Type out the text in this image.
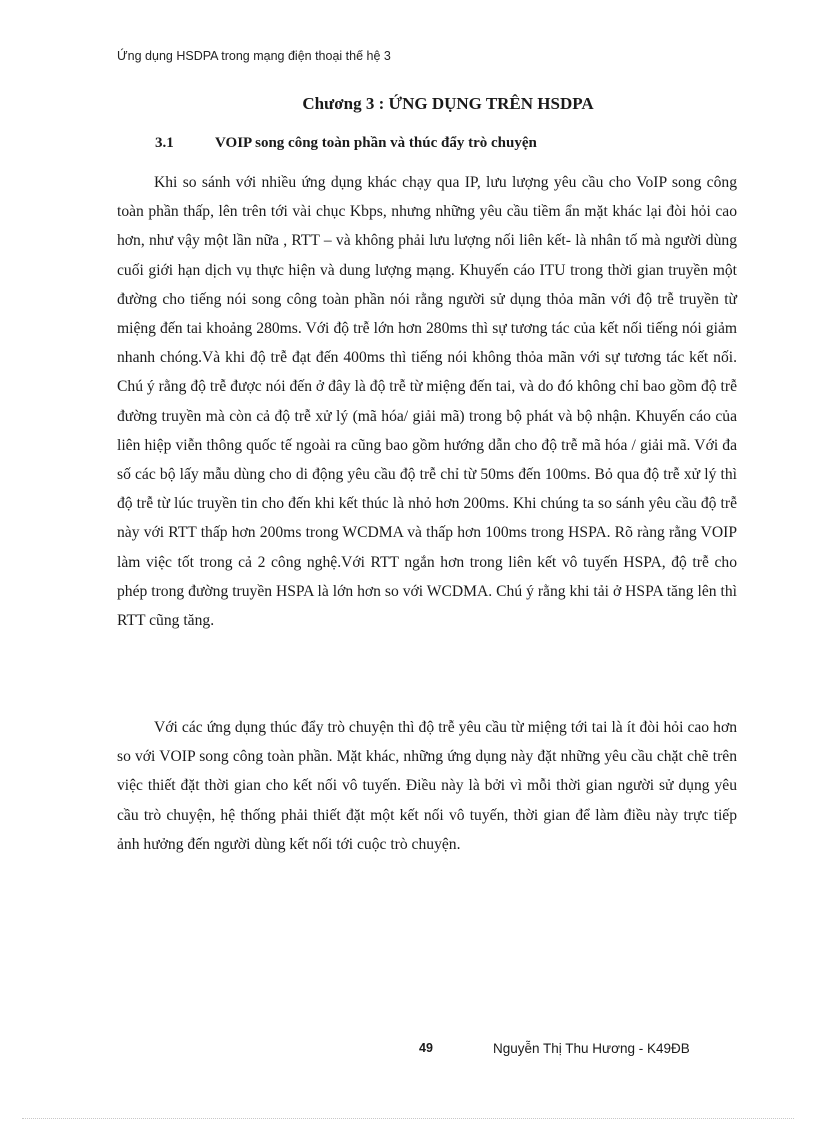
Ứng dụng HSDPA trong mạng điện thoại thế hệ 3
Chương 3 : ỨNG DỤNG TRÊN HSDPA
3.1	VOIP song công toàn phần và thúc đẩy trò chuyện

Khi so sánh với nhiều ứng dụng khác chạy qua IP, lưu lượng yêu cầu cho VoIP song công toàn phần thấp, lên trên tới vài chục Kbps, nhưng những yêu cầu tiềm ẩn mặt khác lại đòi hỏi cao hơn, như vậy một lần nữa , RTT – và không phải lưu lượng nối liên kết- là nhân tố mà người dùng cuối giới hạn dịch vụ thực hiện và dung lượng mạng. Khuyến cáo ITU trong thời gian truyền một đường cho tiếng nói song công toàn phần nói rằng người sử dụng thỏa mãn với độ trễ truyền từ miệng đến tai khoảng 280ms. Với độ trễ lớn hơn 280ms thì sự tương tác của kết nối tiếng nói giảm nhanh chóng.Và khi độ trễ đạt đến 400ms thì tiếng nói không thỏa mãn với sự tương tác kết nối. Chú ý rằng độ trễ được nói đến ở đây là độ trễ từ miệng đến tai, và do đó không chỉ bao gồm độ trễ đường truyền mà còn cả độ trễ xử lý (mã hóa/ giải mã) trong bộ phát và bộ nhận. Khuyến cáo của liên hiệp viễn thông quốc tế ngoài ra cũng bao gồm hướng dẫn cho độ trễ mã hóa / giải mã. Với đa số các bộ lấy mẫu dùng cho di động yêu cầu độ trễ chỉ từ 50ms đến 100ms. Bỏ qua độ trễ xử lý thì độ trễ từ lúc truyền tin cho đến khi kết thúc là nhỏ hơn 200ms. Khi chúng ta so sánh yêu cầu độ trễ này với RTT thấp hơn 200ms trong WCDMA và thấp hơn 100ms trong HSPA. Rõ ràng rằng VOIP làm việc tốt trong cả 2 công nghệ.Với RTT ngắn hơn trong liên kết vô tuyến HSPA, độ trễ cho phép trong đường truyền HSPA là lớn hơn so với WCDMA. Chú ý rằng khi tải ở HSPA tăng lên thì RTT cũng tăng.

Với các ứng dụng thúc đẩy trò chuyện thì độ trễ yêu cầu từ miệng tới tai là ít đòi hỏi cao hơn so với VOIP song công toàn phần. Mặt khác, những ứng dụng này đặt những yêu cầu chặt chẽ trên việc thiết đặt thời gian cho kết nối vô tuyến. Điều này là bởi vì mỗi thời gian người sử dụng yêu cầu trò chuyện, hệ thống phải thiết đặt một kết nối vô tuyến, thời gian để làm điều này trực tiếp ảnh hưởng đến người dùng kết nối tới cuộc trò chuyện.

49	Nguyễn Thị Thu Hương - K49ĐB
